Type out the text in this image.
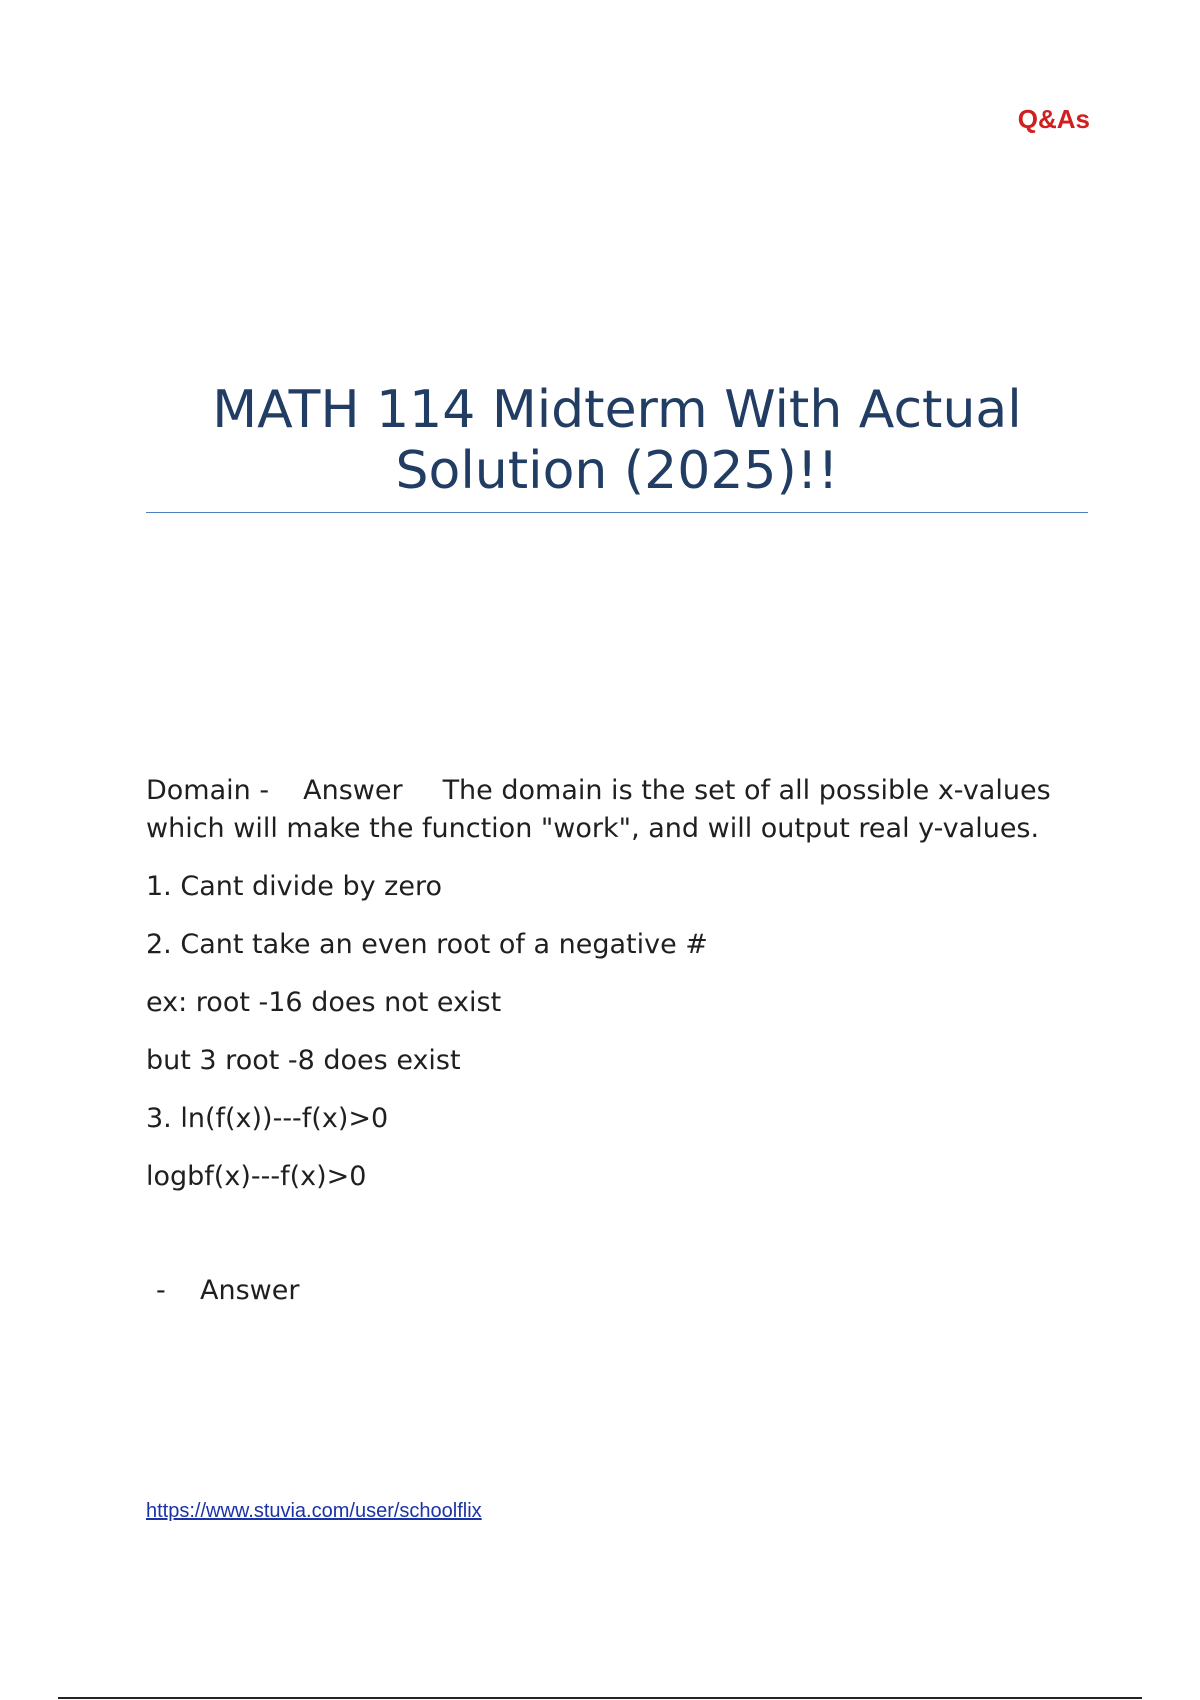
Q&As
MATH 114 Midterm With Actual
Solution (2025)!!

Domain - Answer The domain is the set of all possible x-values which will make the function "work", and will output real y-values.

1. Cant divide by zero

2. Cant take an even root of a negative #

ex: root -16 does not exist

but 3 root -8 does exist

3. ln(f(x))---f(x)>0

logbf(x)---f(x)>0

- Answer

https://www.stuvia.com/user/schoolflix
